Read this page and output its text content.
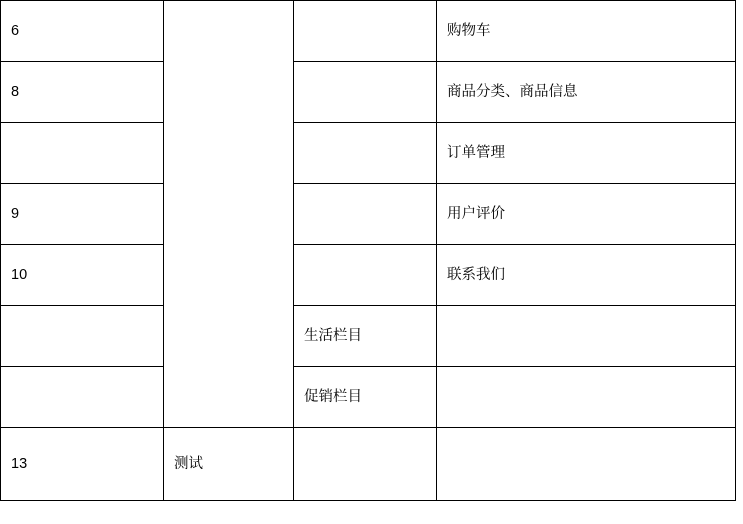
6			购物车
8			商品分类、商品信息
			订单管理
9			用户评价
10			联系我们
		生活栏目	
		促销栏目	
13	测试		
